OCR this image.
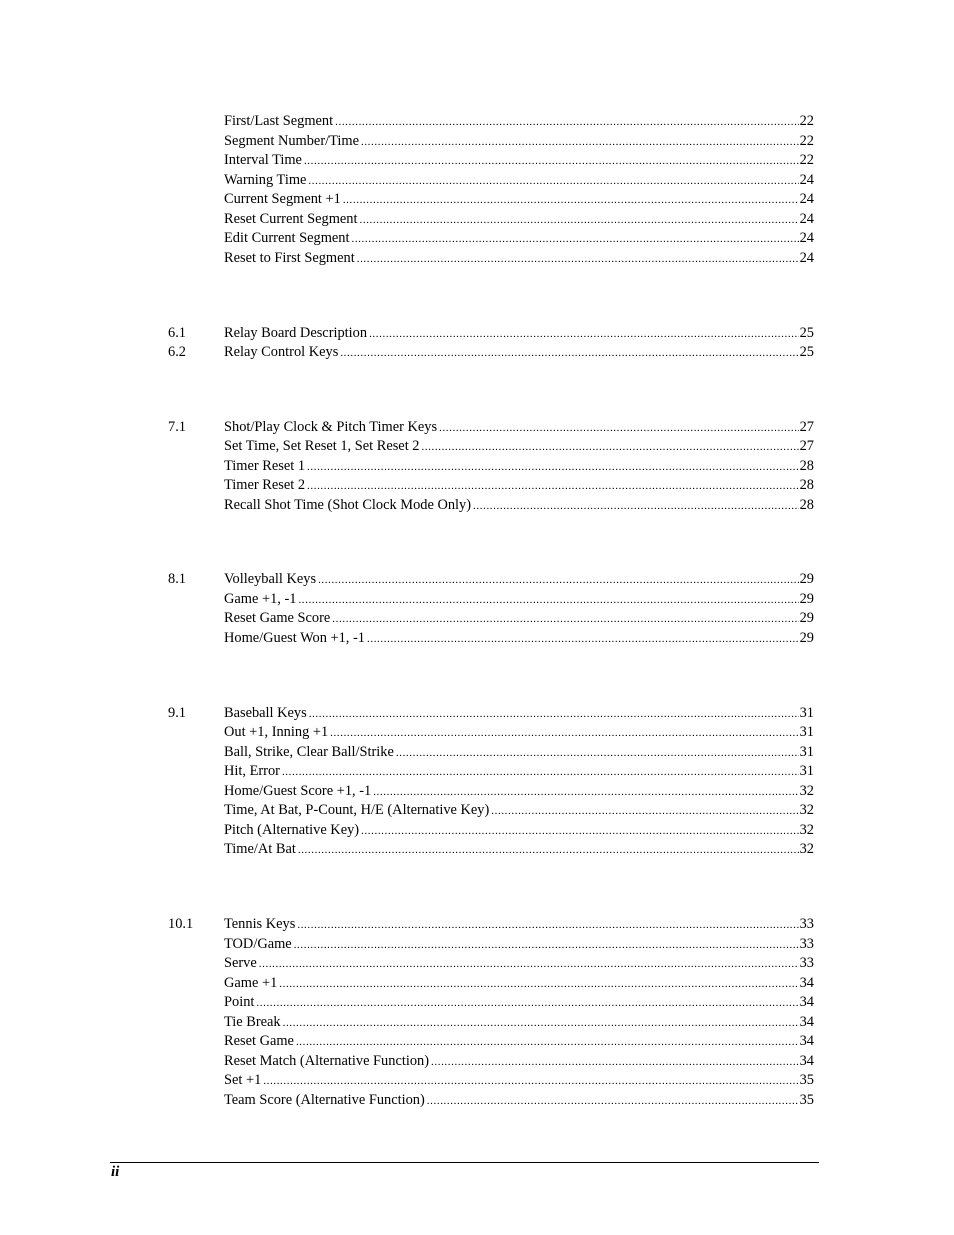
First/Last Segment .....	22
Segment Number/Time .....	22
Interval Time .....	22
Warning Time .....	24
Current Segment +1 .....	24
Reset Current Segment .....	24
Edit Current Segment .....	24
Reset to First Segment .....	24
6.1	Relay Board Description .....	25
6.2	Relay Control Keys .....	25
7.1	Shot/Play Clock & Pitch Timer Keys .....	27
Set Time, Set Reset 1, Set Reset 2 .....	27
Timer Reset 1 .....	28
Timer Reset 2 .....	28
Recall Shot Time (Shot Clock Mode Only) .....	28
8.1	Volleyball Keys .....	29
Game +1, -1 .....	29
Reset Game Score .....	29
Home/Guest Won +1, -1 .....	29
9.1	Baseball Keys .....	31
Out +1, Inning +1 .....	31
Ball, Strike, Clear Ball/Strike .....	31
Hit, Error .....	31
Home/Guest Score +1, -1 .....	32
Time, At Bat, P-Count, H/E (Alternative Key) .....	32
Pitch (Alternative Key) .....	32
Time/At Bat .....	32
10.1 Tennis Keys .....	33
TOD/Game .....	33
Serve .....	33
Game +1 .....	34
Point .....	34
Tie Break .....	34
Reset Game .....	34
Reset Match (Alternative Function) .....	34
Set +1 .....	35
Team Score (Alternative Function) .....	35
ii
